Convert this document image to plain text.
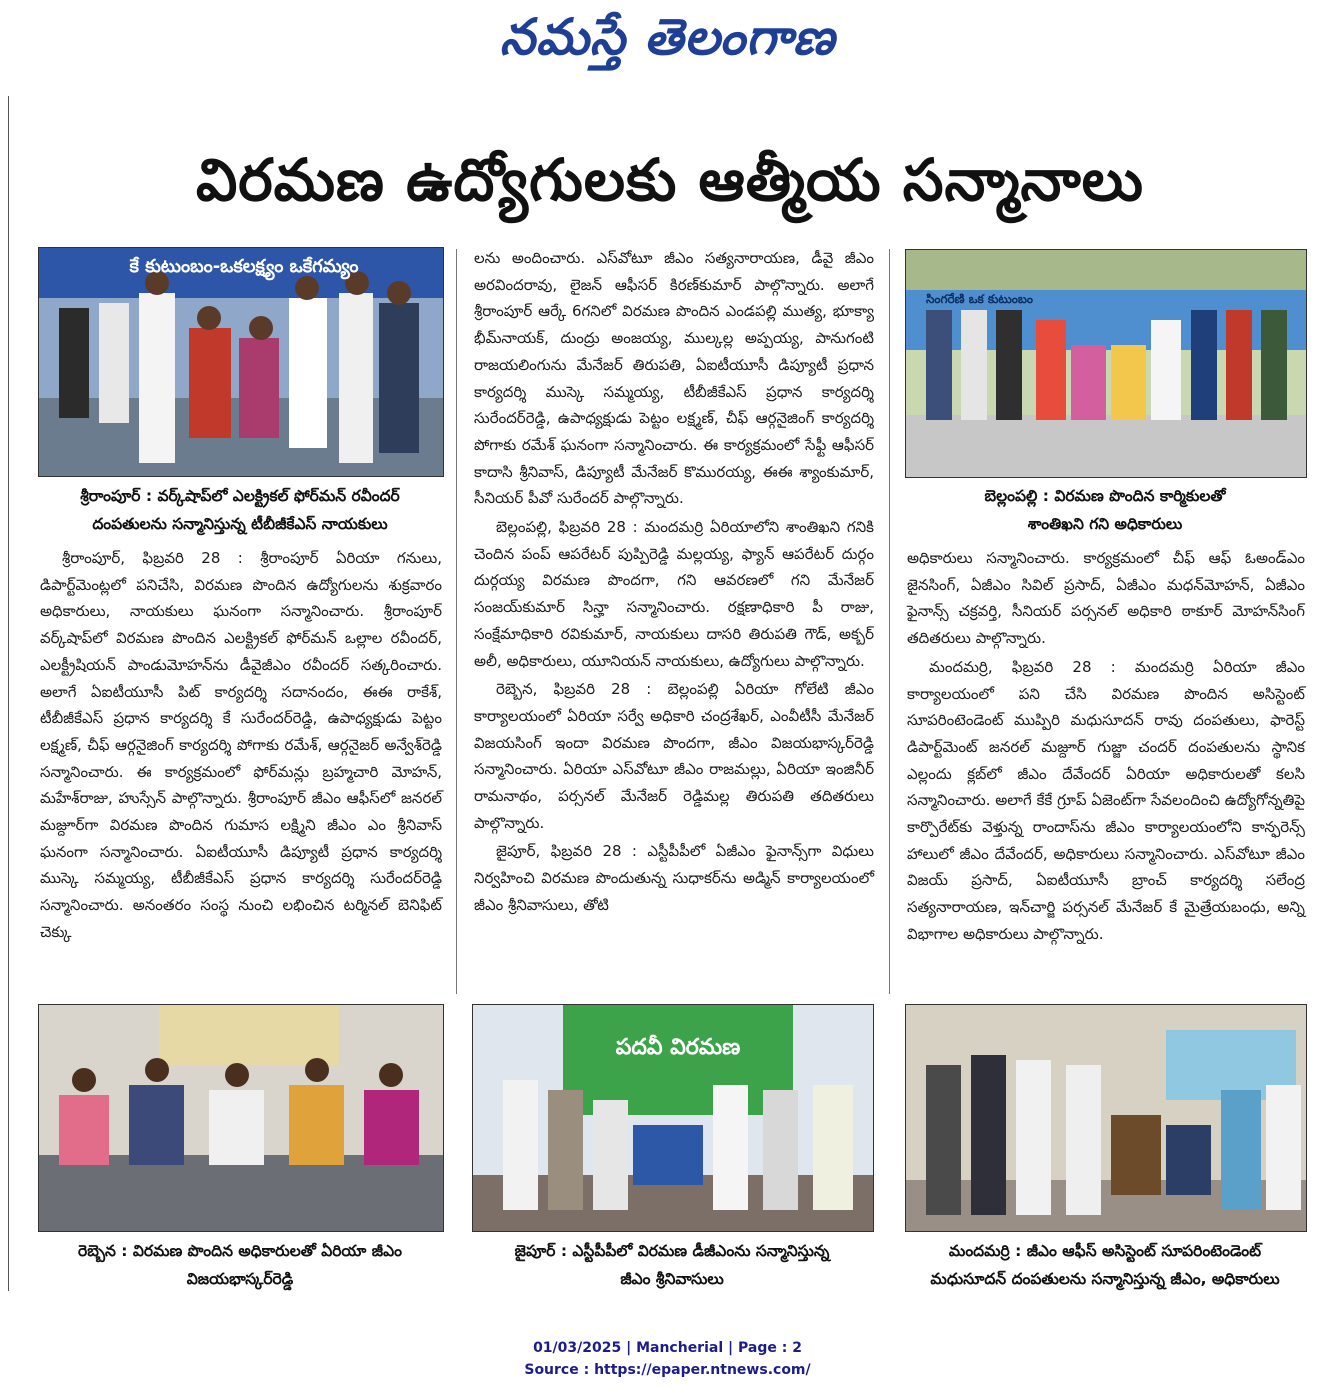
నమస్తే తెలంగాణ
విరమణ ఉద్యోగులకు ఆత్మీయ సన్మానాలు
కే కుటుంబం-ఒకలక్ష్యం ఒకేగమ్యం
సింగరేణి ఒక కుటుంబం
శ్రీరాంపూర్ : వర్క్‌షాప్‌లో ఎలక్ట్రికల్ ఫోర్‌మన్ రవీందర్
దంపతులను సన్మానిస్తున్న టీబీజీకేఎస్ నాయకులు
బెల్లంపల్లి : విరమణ పొందిన కార్మికులతో
శాంతిఖని గని అధికారులు

శ్రీరాంపూర్, ఫిబ్రవరి 28 : శ్రీరాంపూర్ ఏరియా గనులు, డిపార్ట్‌మెంట్లలో పనిచేసి, విరమణ పొందిన ఉద్యోగులను శుక్రవారం అధికారులు, నాయకులు ఘనంగా సన్మానించారు. శ్రీరాంపూర్ వర్క్‌షాప్‌లో విరమణ పొందిన ఎలక్ట్రికల్ ఫోర్‌మన్ ఒల్లాల రవీందర్, ఎలక్ట్రీషియన్ పాండుమోహన్‌ను డీవైజీఎం రవీందర్ సత్కరించారు. అలాగే ఏఐటీయూసీ పిట్ కార్యదర్శి సదానందం, ఈఈ రాకేశ్, టీబీజీకేఎస్ ప్రధాన కార్యదర్శి కే సురేందర్‌రెడ్డి, ఉపాధ్యక్షుడు పెట్టం లక్ష్మణ్, చీఫ్ ఆర్గనైజింగ్ కార్యదర్శి పోగాకు రమేశ్, ఆర్గనైజర్ అన్వేశ్‌రెడ్డి సన్మానించారు. ఈ కార్యక్రమంలో ఫోర్‌మన్లు బ్రహ్మచారి మోహన్, మహేశ్‌రాజు, హుస్సేన్ పాల్గొన్నారు. శ్రీరాంపూర్ జీఎం ఆఫీస్‌లో జనరల్ మజ్దూర్‌గా విరమణ పొందిన గుమాస లక్ష్మిని జీఎం ఎం శ్రీనివాస్ ఘనంగా సన్మానించారు. ఏఐటీయూసీ డిప్యూటీ ప్రధాన కార్యదర్శి ముస్కె సమ్మయ్య, టీబీజీకేఎస్ ప్రధాన కార్యదర్శి సురేందర్‌రెడ్డి సన్మానించారు. అనంతరం సంస్థ నుంచి లభించిన టర్మినల్ బెనిఫిట్ చెక్కు

లను అందించారు. ఎస్‌వోటూ జీఎం సత్యనారాయణ, డీవై జీఎం అరవిందరావు, లైజన్ ఆఫీసర్ కిరణ్‌కుమార్ పాల్గొన్నారు. అలాగే శ్రీరాంపూర్ ఆర్కే 6గనిలో విరమణ పొందిన ఎండపల్లి ముత్య, భూక్యా భీమ్‌నాయక్, దుంద్రు అంజయ్య, ముల్కల్ల అప్పయ్య, పానుగంటి రాజయలింగును మేనేజర్ తిరుపతి, ఏఐటీయూసీ డిప్యూటీ ప్రధాన కార్యదర్శి ముస్కె సమ్మయ్య, టీబీజీకేఎస్ ప్రధాన కార్యదర్శి సురేందర్‌రెడ్డి, ఉపాధ్యక్షుడు పెట్టం లక్ష్మణ్, చీఫ్ ఆర్గనైజింగ్ కార్యదర్శి పోగాకు రమేశ్ ఘనంగా సన్మానించారు. ఈ కార్యక్రమంలో సేఫ్టీ ఆఫీసర్ కాదాసి శ్రీనివాస్, డిప్యూటీ మేనేజర్ కొమురయ్య, ఈఈ శ్యాంకుమార్, సీనియర్ పీవో సురేందర్ పాల్గొన్నారు.

బెల్లంపల్లి, ఫిబ్రవరి 28 : మందమర్రి ఏరియాలోని శాంతిఖని గనికి చెందిన పంప్ ఆపరేటర్ పుప్పిరెడ్డి మల్లయ్య, ఫ్యాన్ ఆపరేటర్ దుర్గం దుర్గయ్య విరమణ పొందగా, గని ఆవరణలో గని మేనేజర్ సంజయ్‌కుమార్ సిన్హా సన్మానించారు. రక్షణాధికారి పీ రాజు, సంక్షేమాధికారి రవికుమార్, నాయకులు దాసరి తిరుపతి గౌడ్, అక్బర్ అలీ, అధికారులు, యూనియన్ నాయకులు, ఉద్యోగులు పాల్గొన్నారు.

రెబ్బెన, ఫిబ్రవరి 28 : బెల్లంపల్లి ఏరియా గోలేటి జీఎం కార్యాలయంలో ఏరియా సర్వే అధికారి చంద్రశేఖర్, ఎంవీటీసీ మేనేజర్ విజయసింగ్ ఇందా విరమణ పొందగా, జీఎం విజయభాస్కర్‌రెడ్డి సన్మానించారు. ఏరియా ఎస్‌వోటూ జీఎం రాజమల్లు, ఏరియా ఇంజినీర్ రామనాథం, పర్సనల్ మేనేజర్ రెడ్డిమల్ల తిరుపతి తదితరులు పాల్గొన్నారు.

జైపూర్, ఫిబ్రవరి 28 : ఎస్టీపీపీలో ఏజీఎం ఫైనాన్స్‌గా విధులు నిర్వహించి విరమణ పొందుతున్న సుధాకర్‌ను అడ్మిన్ కార్యాలయంలో జీఎం శ్రీనివాసులు, తోటి

అధికారులు సన్మానించారు. కార్యక్రమంలో చీఫ్ ఆఫ్ ఓఅండ్ఎం జైనసింగ్, ఏజీఎం సివిల్ ప్రసాద్, ఏజీఎం మధన్‌మోహన్, ఏజీఎం ఫైనాన్స్ చక్రవర్తి, సీనియర్ పర్సనల్ అధికారి ఠాకూర్ మోహన్‌సింగ్ తదితరులు పాల్గొన్నారు.

మందమర్రి, ఫిబ్రవరి 28 : మందమర్రి ఏరియా జీఎం కార్యాలయంలో పని చేసి విరమణ పొందిన అసిస్టెంట్ సూపరింటెండెంట్ ముప్పిరి మధుసూదన్ రావు దంపతులు, ఫారెస్ట్ డిపార్ట్‌మెంట్ జనరల్ మజ్దూర్ గుజ్జా చందర్ దంపతులను స్థానిక ఎల్లందు క్లబ్‌లో జీఎం దేవేందర్ ఏరియా అధికారులతో కలసి సన్మానించారు. అలాగే కేకే గ్రూప్ ఏజెంట్‌గా సేవలందించి ఉద్యోగోన్నతిపై కార్పొరేట్‌కు వెళ్తున్న రాందాస్‌ను జీఎం కార్యాలయంలోని కాన్ఫరెన్స్ హాలులో జీఎం దేవేందర్, అధికారులు సన్మానించారు. ఎస్‌వోటూ జీఎం విజయ్ ప్రసాద్, ఏఐటీయూసీ బ్రాంచ్ కార్యదర్శి సలేంద్ర సత్యనారాయణ, ఇన్‌చార్జి పర్సనల్ మేనేజర్ కే మైత్రేయబంధు, అన్ని విభాగాల అధికారులు పాల్గొన్నారు.

పదవీ విరమణ
రెబ్బెన : విరమణ పొందిన అధికారులతో ఏరియా జీఎం
విజయభాస్కర్‌రెడ్డి
జైపూర్ : ఎస్టీపీపీలో విరమణ డీజీఎంను సన్మానిస్తున్న
జీఎం శ్రీనివాసులు
మందమర్రి : జీఎం ఆఫీస్ అసిస్టెంట్ సూపరింటెండెంట్
మధుసూదన్ దంపతులను సన్మానిస్తున్న జీఎం, అధికారులు
01/03/2025 | Mancherial | Page : 2
Source : https://epaper.ntnews.com/
